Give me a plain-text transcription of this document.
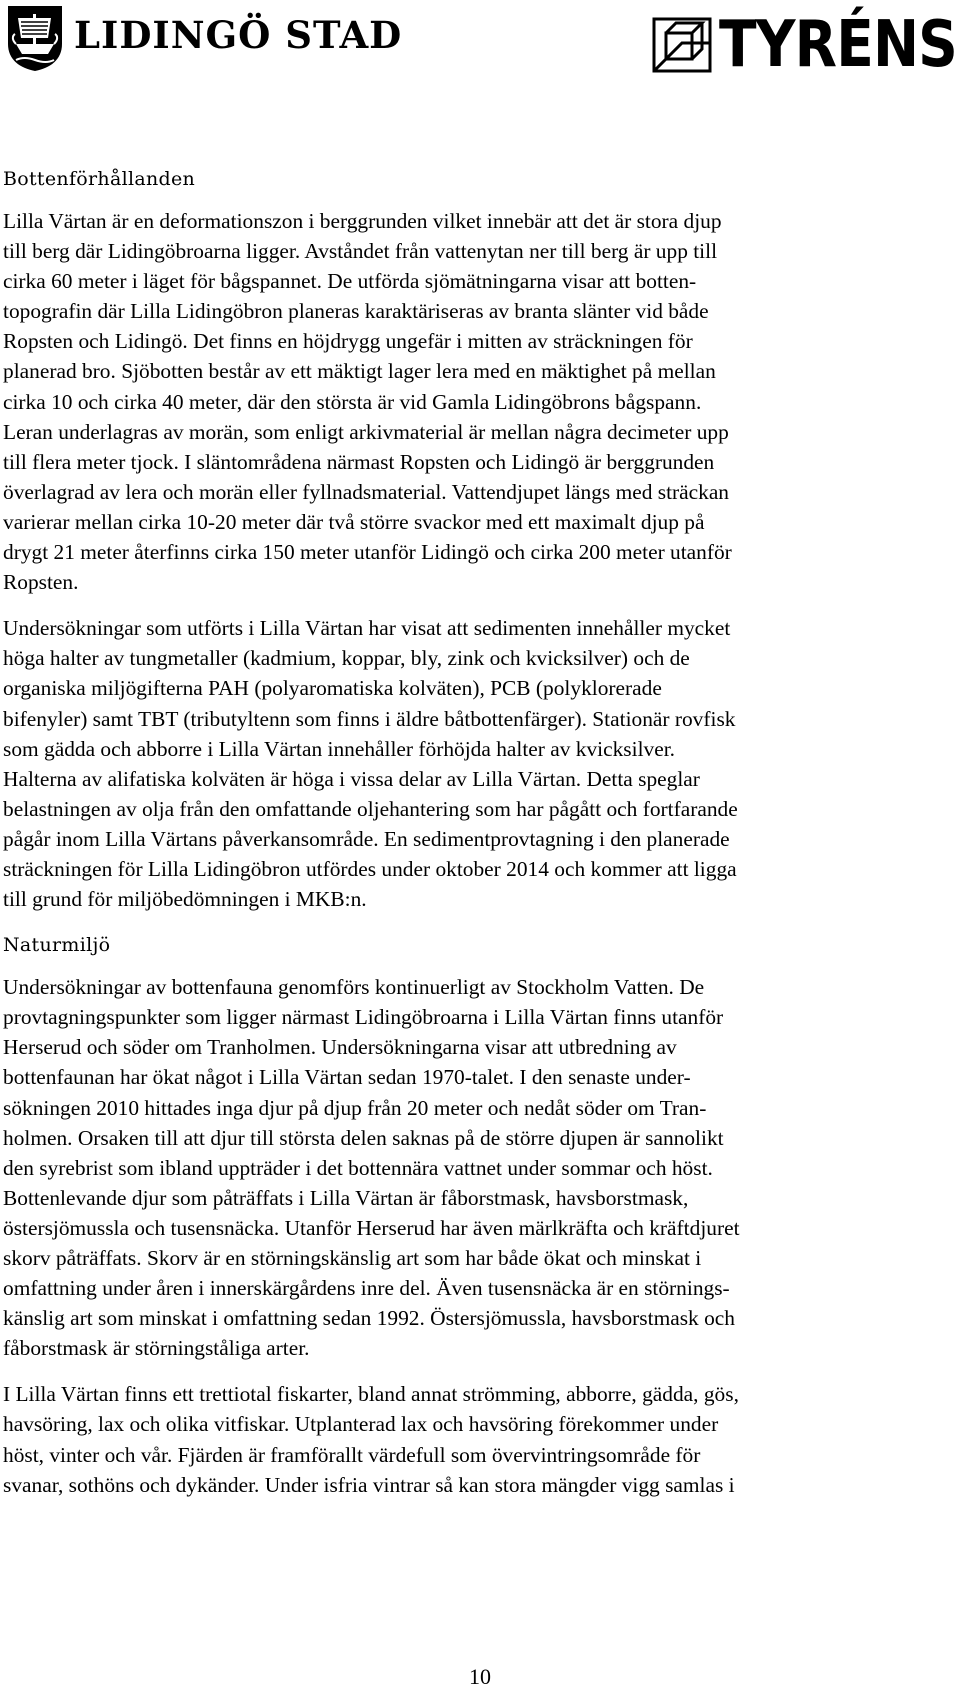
LIDINGÖ STAD	TYRÉNS
Bottenförhållanden
Lilla Värtan är en deformationszon i berggrunden vilket innebär att det är stora djup
till berg där Lidingöbroarna ligger. Avståndet från vattenytan ner till berg är upp till
cirka 60 meter i läget för bågspannet. De utförda sjömätningarna visar att botten-
topografin där Lilla Lidingöbron planeras karaktäriseras av branta slänter vid både
Ropsten och Lidingö. Det finns en höjdrygg ungefär i mitten av sträckningen för
planerad bro. Sjöbotten består av ett mäktigt lager lera med en mäktighet på mellan
cirka 10 och cirka 40 meter, där den största är vid Gamla Lidingöbrons bågspann.
Leran underlagras av morän, som enligt arkivmaterial är mellan några decimeter upp
till flera meter tjock. I släntområdena närmast Ropsten och Lidingö är berggrunden
överlagrad av lera och morän eller fyllnadsmaterial. Vattendjupet längs med sträckan
varierar mellan cirka 10-20 meter där två större svackor med ett maximalt djup på
drygt 21 meter återfinns cirka 150 meter utanför Lidingö och cirka 200 meter utanför
Ropsten.
Undersökningar som utförts i Lilla Värtan har visat att sedimenten innehåller mycket
höga halter av tungmetaller (kadmium, koppar, bly, zink och kvicksilver) och de
organiska miljögifterna PAH (polyaromatiska kolväten), PCB (polyklorerade
bifenyler) samt TBT (tributyltenn som finns i äldre båtbottenfärger). Stationär rovfisk
som gädda och abborre i Lilla Värtan innehåller förhöjda halter av kvicksilver.
Halterna av alifatiska kolväten är höga i vissa delar av Lilla Värtan. Detta speglar
belastningen av olja från den omfattande oljehantering som har pågått och fortfarande
pågår inom Lilla Värtans påverkansområde. En sedimentprovtagning i den planerade
sträckningen för Lilla Lidingöbron utfördes under oktober 2014 och kommer att ligga
till grund för miljöbedömningen i MKB:n.
Naturmiljö
Undersökningar av bottenfauna genomförs kontinuerligt av Stockholm Vatten. De
provtagningspunkter som ligger närmast Lidingöbroarna i Lilla Värtan finns utanför
Herserud och söder om Tranholmen. Undersökningarna visar att utbredning av
bottenfaunan har ökat något i Lilla Värtan sedan 1970-talet. I den senaste under-
sökningen 2010 hittades inga djur på djup från 20 meter och nedåt söder om Tran-
holmen. Orsaken till att djur till största delen saknas på de större djupen är sannolikt
den syrebrist som ibland uppträder i det bottennära vattnet under sommar och höst.
Bottenlevande djur som påträffats i Lilla Värtan är fåborstmask, havsborstmask,
östersjömussla och tusensnäcka. Utanför Herserud har även märlkräfta och kräftdjuret
skorv påträffats. Skorv är en störningskänslig art som har både ökat och minskat i
omfattning under åren i innerskärgårdens inre del. Även tusensnäcka är en störnings-
känslig art som minskat i omfattning sedan 1992. Östersjömussla, havsborstmask och
fåborstmask är störningståliga arter.
I Lilla Värtan finns ett trettiotal fiskarter, bland annat strömming, abborre, gädda, gös,
havsöring, lax och olika vitfiskar. Utplanterad lax och havsöring förekommer under
höst, vinter och vår. Fjärden är framförallt värdefull som övervintringsområde för
svanar, sothöns och dykänder. Under isfria vintrar så kan stora mängder vigg samlas i
10
